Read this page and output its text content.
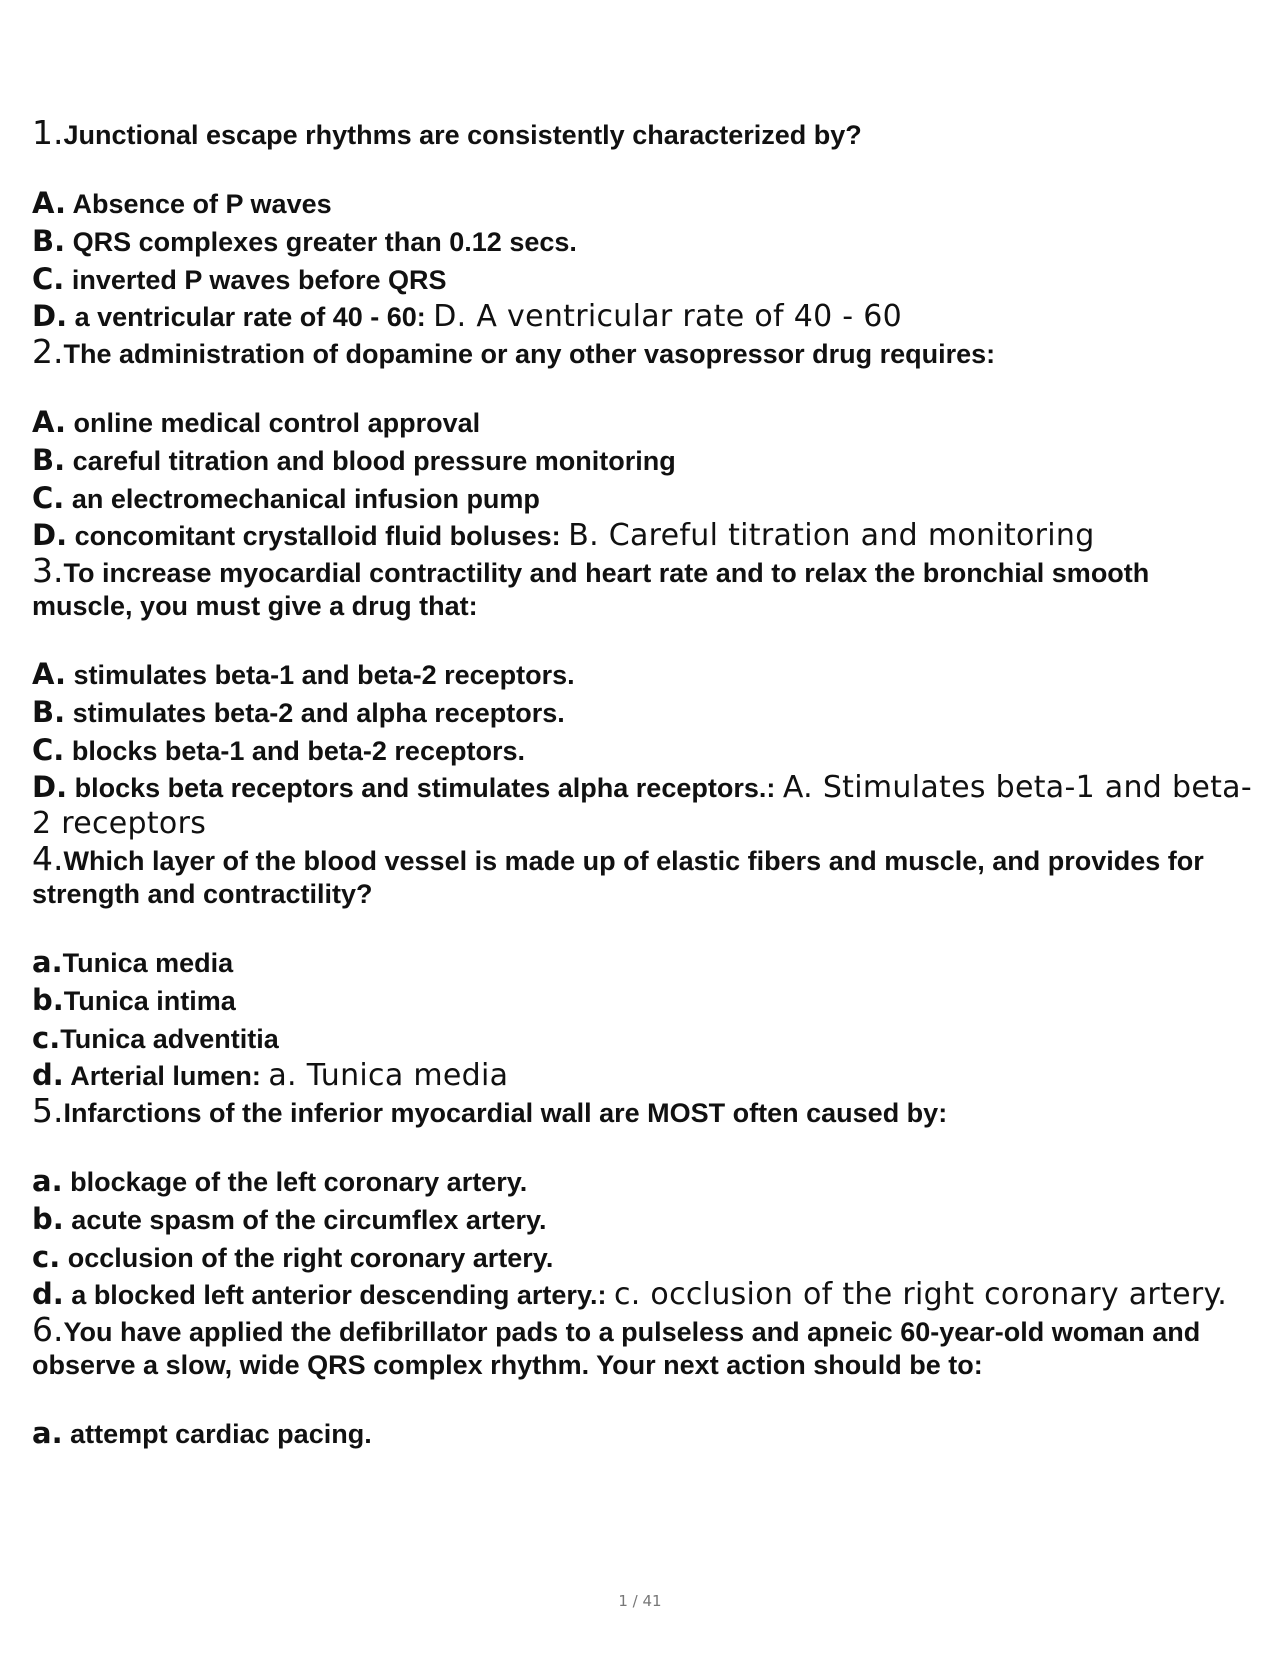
1.Junctional escape rhythms are consistently characterized by?

A. Absence of P waves

B. QRS complexes greater than 0.12 secs.

C. inverted P waves before QRS

D. a ventricular rate of 40 - 60: D. A ventricular rate of 40 - 60

2.The administration of dopamine or any other vasopressor drug requires:

A. online medical control approval

B. careful titration and blood pressure monitoring

C. an electromechanical infusion pump

D. concomitant crystalloid fluid boluses: B. Careful titration and monitoring

3.To increase myocardial contractility and heart rate and to relax the bronchial smooth muscle, you must give a drug that:

A. stimulates beta-1 and beta-2 receptors.

B. stimulates beta-2 and alpha receptors.

C. blocks beta-1 and beta-2 receptors.

D. blocks beta receptors and stimulates alpha receptors.: A. Stimulates beta-1 and beta-2 receptors

4.Which layer of the blood vessel is made up of elastic fibers and muscle, and provides for strength and contractility?

a.Tunica media

b.Tunica intima

c.Tunica adventitia

d. Arterial lumen: a. Tunica media

5.Infarctions of the inferior myocardial wall are MOST often caused by:

a. blockage of the left coronary artery.

b. acute spasm of the circumflex artery.

c. occlusion of the right coronary artery.

d. a blocked left anterior descending artery.: c. occlusion of the right coronary artery.

6.You have applied the defibrillator pads to a pulseless and apneic 60-year-old woman and observe a slow, wide QRS complex rhythm. Your next action should be to:

a. attempt cardiac pacing.

1 / 41
